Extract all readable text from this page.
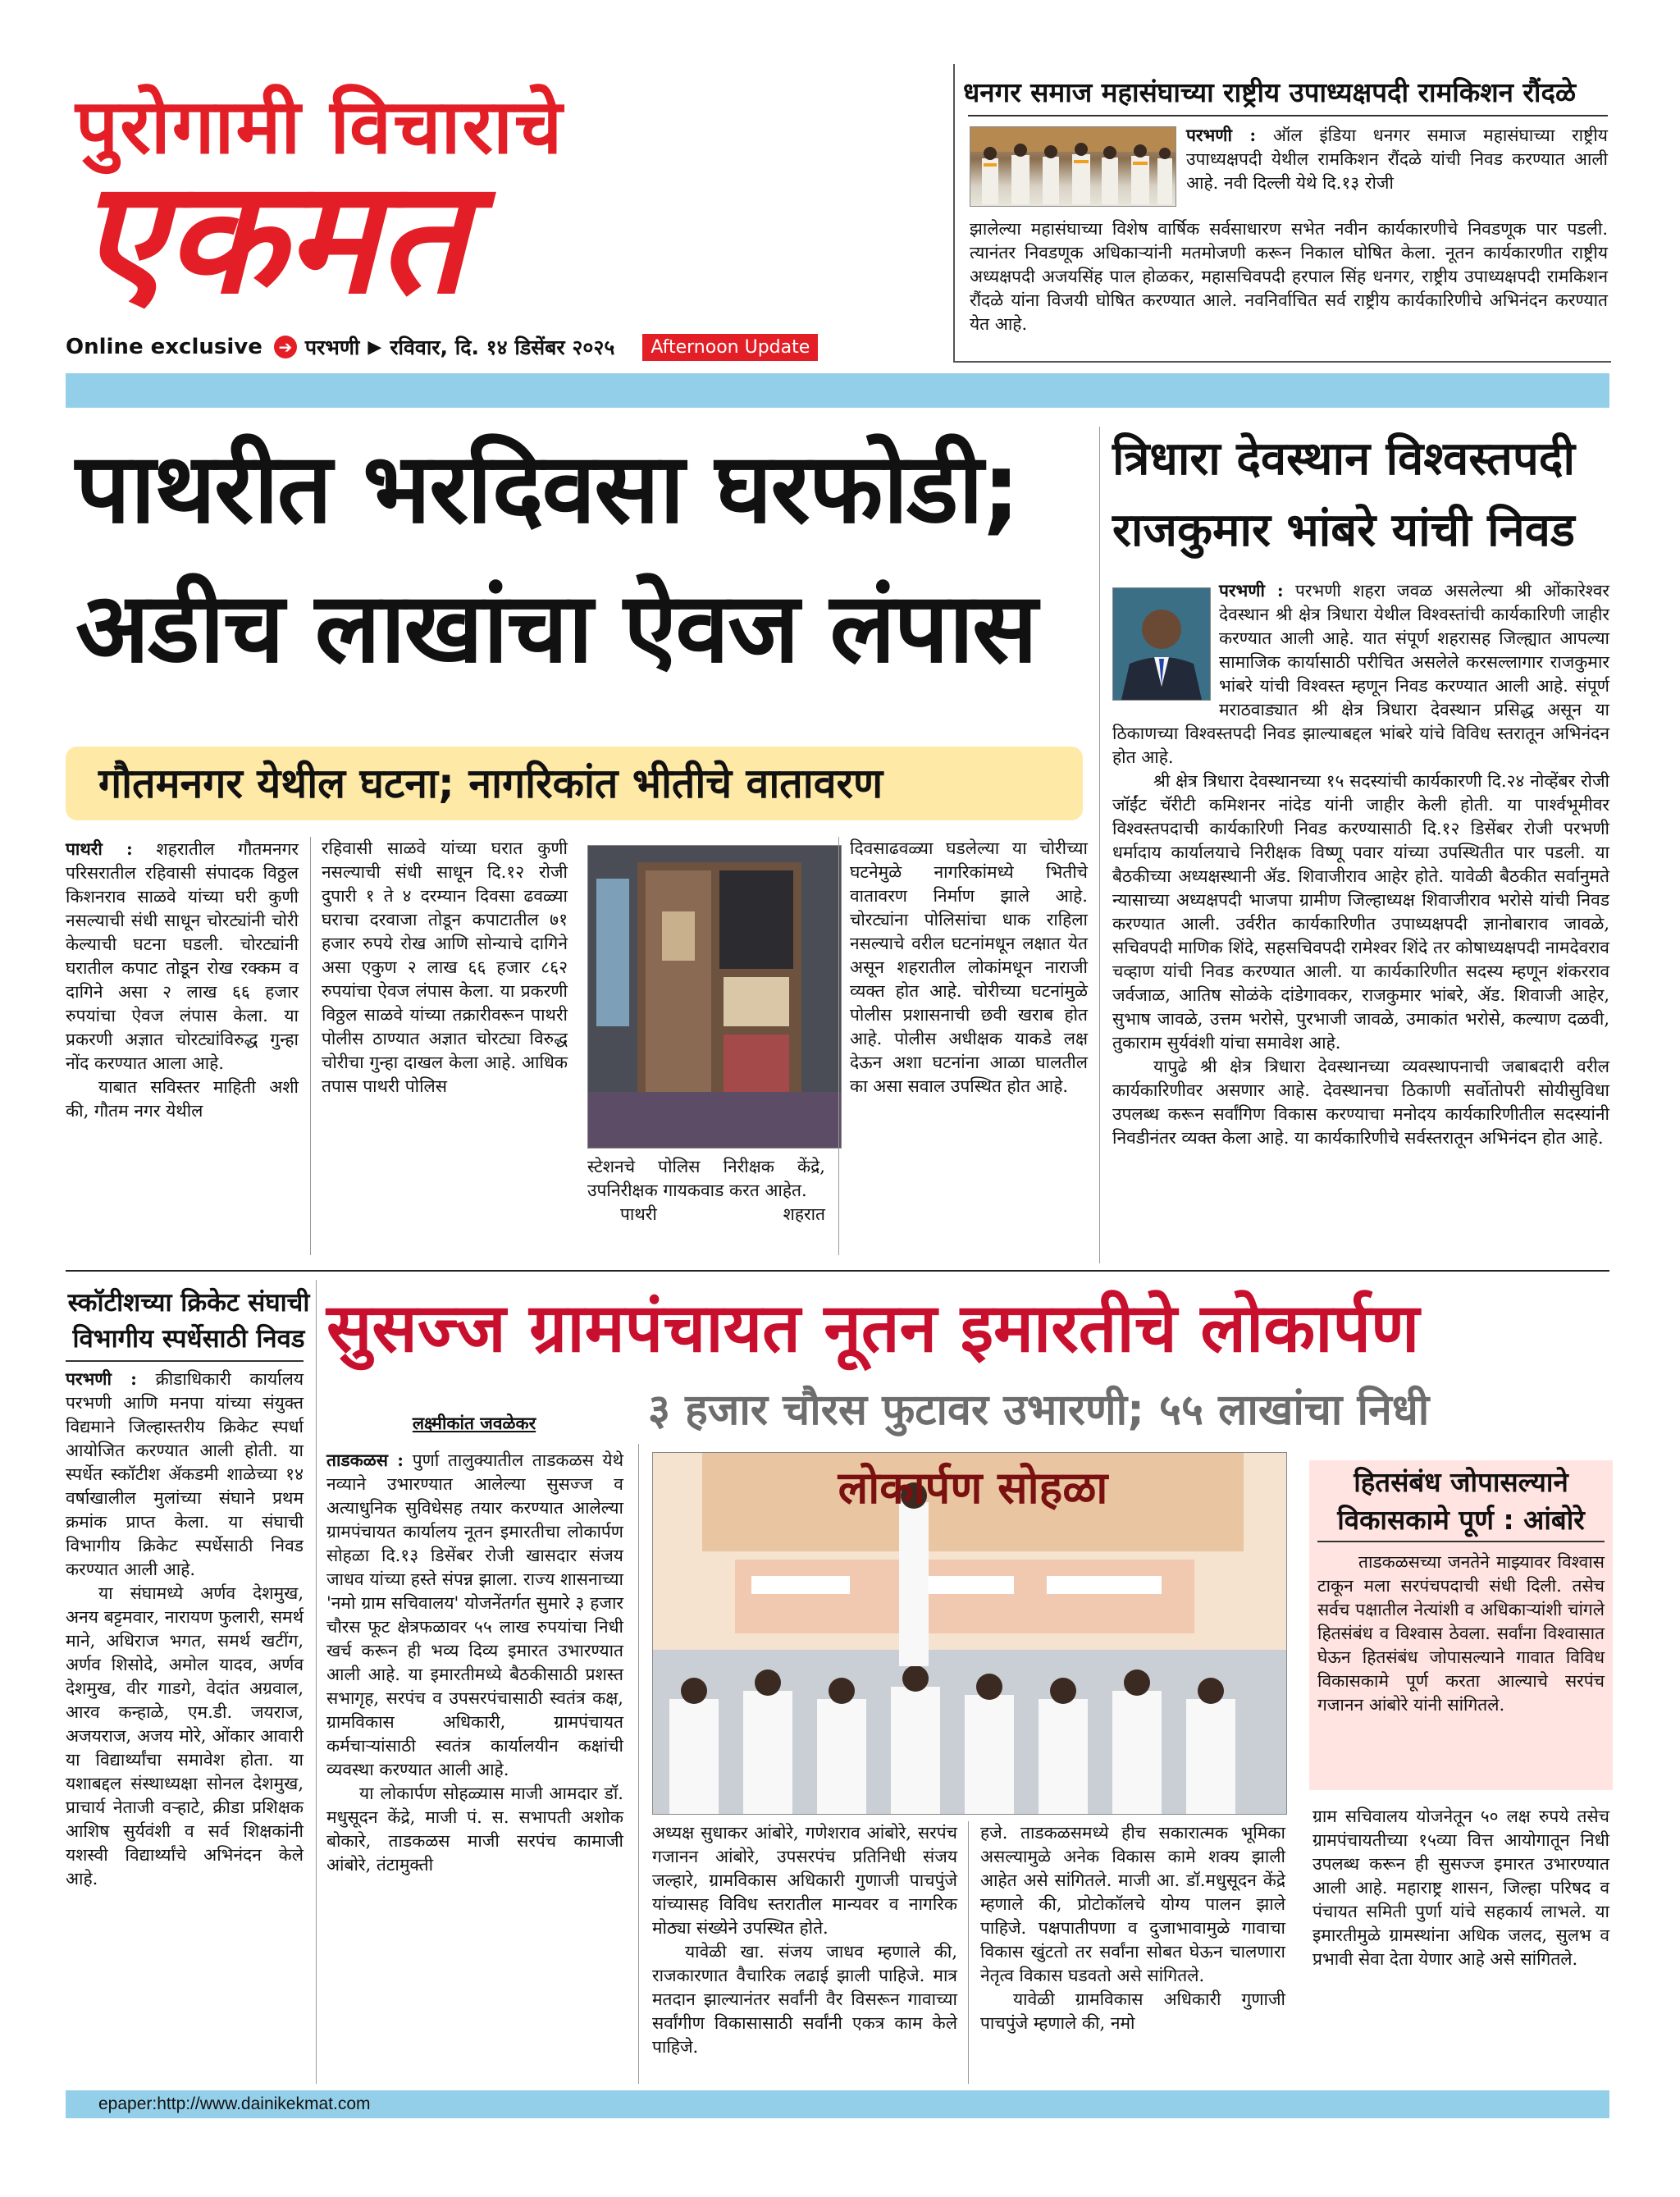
पुरोगामी विचाराचे
एकमत
Online exclusive ➔ परभणी ▶ रविवार, दि. १४ डिसेंबर २०२५	Afternoon Update
धनगर समाज महासंघाच्या राष्ट्रीय उपाध्यक्षपदी रामकिशन रौंदळे
परभणी : ऑल इंडिया धनगर समाज महासंघाच्या राष्ट्रीय उपाध्यक्षपदी येथील रामकिशन रौंदळे यांची निवड करण्यात आली आहे. नवी दिल्ली येथे दि.१३ रोजी
झालेल्या महासंघाच्या विशेष वार्षिक सर्वसाधारण सभेत नवीन कार्यकारणीचे निवडणूक पार पडली. त्यानंतर निवडणूक अधिकाऱ्यांनी मतमोजणी करून निकाल घोषित केला. नूतन कार्यकारणीत राष्ट्रीय अध्यक्षपदी अजयसिंह पाल होळकर, महासचिवपदी हरपाल सिंह धनगर, राष्ट्रीय उपाध्यक्षपदी रामकिशन रौंदळे यांना विजयी घोषित करण्यात आले. नवनिर्वाचित सर्व राष्ट्रीय कार्यकारिणीचे अभिनंदन करण्यात येत आहे.
पाथरीत भरदिवसा घरफोडी;
अडीच लाखांचा ऐवज लंपास
गौतमनगर येथील घटना; नागरिकांत भीतीचे वातावरण
पाथरी : शहरातील गौतमनगर परिसरातील रहिवासी संपादक विठ्ठल किशनराव साळवे यांच्या घरी कुणी नसल्याची संधी साधून चोरट्यांनी चोरी केल्याची घटना घडली. चोरट्यांनी घरातील कपाट तोडून रोख रक्कम व दागिने असा २ लाख ६६ हजार रुपयांचा ऐवज लंपास केला. या प्रकरणी अज्ञात चोरट्यांविरुद्ध गुन्हा नोंद करण्यात आला आहे.

याबात सविस्तर माहिती अशी की, गौतम नगर येथील

रहिवासी साळवे यांच्या घरात कुणी नसल्याची संधी साधून दि.१२ रोजी दुपारी १ ते ४ दरम्यान दिवसा ढवळ्या घराचा दरवाजा तोडून कपाटातील ७१ हजार रुपये रोख आणि सोन्याचे दागिने असा एकुण २ लाख ६६ हजार ८६२ रुपयांचा ऐवज लंपास केला. या प्रकरणी विठ्ठल साळवे यांच्या तक्रारीवरून पाथरी पोलीस ठाण्यात अज्ञात चोरट्या विरुद्ध चोरीचा गुन्हा दाखल केला आहे. आधिक तपास पाथरी पोलिस

स्टेशनचे पोलिस निरीक्षक केंद्रे, उपनिरीक्षक गायकवाड करत आहेत.

पाथरी	शहरात

दिवसाढवळ्या घडलेल्या या चोरीच्या घटनेमुळे नागरिकांमध्ये भितीचे वातावरण निर्माण झाले आहे. चोरट्यांना पोलिसांचा धाक राहिला नसल्याचे वरील घटनांमधून लक्षात येत असून शहरातील लोकांमधून नाराजी व्यक्त होत आहे. चोरीच्या घटनांमुळे पोलीस प्रशासनाची छवी खराब होत आहे. पोलीस अधीक्षक याकडे लक्ष देऊन अशा घटनांना आळा घालतील का असा सवाल उपस्थित होत आहे.
त्रिधारा देवस्थान विश्वस्तपदी
राजकुमार भांबरे यांची निवड
परभणी : परभणी शहरा जवळ असलेल्या श्री ओंकारेश्वर देवस्थान श्री क्षेत्र त्रिधारा येथील विश्वस्तांची कार्यकारिणी जाहीर करण्यात आली आहे. यात संपूर्ण शहरासह जिल्ह्यात आपल्या सामाजिक कार्यासाठी परीचित असलेले करसल्लागार राजकुमार भांबरे यांची विश्वस्त म्हणून निवड करण्यात आली आहे. संपूर्ण मराठवाड्यात श्री क्षेत्र त्रिधारा देवस्थान प्रसिद्ध असून या ठिकाणच्या विश्वस्तपदी निवड झाल्याबद्दल भांबरे यांचे विविध स्तरातून अभिनंदन होत आहे.

श्री क्षेत्र त्रिधारा देवस्थानच्या १५ सदस्यांची कार्यकारणी दि.२४ नोव्हेंबर रोजी जॉईंट चॅरीटी कमिशनर नांदेड यांनी जाहीर केली होती. या पार्श्वभूमीवर विश्वस्तपदाची कार्यकारिणी निवड करण्यासाठी दि.१२ डिसेंबर रोजी परभणी धर्मादाय कार्यालयाचे निरीक्षक विष्णू पवार यांच्या उपस्थितीत पार पडली. या बैठकीच्या अध्यक्षस्थानी ॲड. शिवाजीराव आहेर होते. यावेळी बैठकीत सर्वानुमते न्यासाच्या अध्यक्षपदी भाजपा ग्रामीण जिल्हाध्यक्ष शिवाजीराव भरोसे यांची निवड करण्यात आली. उर्वरीत कार्यकारिणीत उपाध्यक्षपदी ज्ञानोबाराव जावळे, सचिवपदी माणिक शिंदे, सहसचिवपदी रामेश्वर शिंदे तर कोषाध्यक्षपदी नामदेवराव चव्हाण यांची निवड करण्यात आली. या कार्यकारिणीत सदस्य म्हणून शंकरराव जर्वजाळ, आतिष सोळंके दांडेगावकर, राजकुमार भांबरे, ॲड. शिवाजी आहेर, सुभाष जावळे, उत्तम भरोसे, पुरभाजी जावळे, उमाकांत भरोसे, कल्याण दळवी, तुकाराम सुर्यवंशी यांचा समावेश आहे.

यापुढे श्री क्षेत्र त्रिधारा देवस्थानच्या व्यवस्थापनाची जबाबदारी वरील कार्यकारिणीवर असणार आहे. देवस्थानचा ठिकाणी सर्वोतोपरी सोयीसुविधा उपलब्ध करून सर्वांगिण विकास करण्याचा मनोदय कार्यकारिणीतील सदस्यांनी निवडीनंतर व्यक्त केला आहे. या कार्यकारिणीचे सर्वस्तरातून अभिनंदन होत आहे.

स्कॉटीशच्या क्रिकेट संघाची
विभागीय स्पर्धेसाठी निवड
परभणी : क्रीडाधिकारी कार्यालय परभणी आणि मनपा यांच्या संयुक्त विद्यमाने जिल्हास्तरीय क्रिकेट स्पर्धा आयोजित करण्यात आली होती. या स्पर्धेत स्कॉटीश ॲकडमी शाळेच्या १४ वर्षाखालील मुलांच्या संघाने प्रथम क्रमांक प्राप्त केला. या संघाची विभागीय क्रिकेट स्पर्धेसाठी निवड करण्यात आली आहे.

या संघामध्ये अर्णव देशमुख, अनय बट्टमवार, नारायण फुलारी, समर्थ माने, अधिराज भगत, समर्थ खटींग, अर्णव शिसोदे, अमोल यादव, अर्णव देशमुख, वीर गाडगे, वेदांत अग्रवाल, आरव कन्हाळे, एम.डी. जयराज, अजयराज, अजय मोरे, ओंकार आवारी या विद्यार्थ्यांचा समावेश होता. या यशाबद्दल संस्थाध्यक्षा सोनल देशमुख, प्राचार्य नेताजी वऱ्हाटे, क्रीडा प्रशिक्षक आशिष सुर्यवंशी व सर्व शिक्षकांनी यशस्वी विद्यार्थ्यांचे अभिनंदन केले आहे.

सुसज्ज ग्रामपंचायत नूतन इमारतीचे लोकार्पण
३ हजार चौरस फुटावर उभारणी; ५५ लाखांचा निधी
लक्ष्मीकांत जवळेकर
ताडकळस : पुर्णा तालुक्यातील ताडकळस येथे नव्याने उभारण्यात आलेल्या सुसज्ज व अत्याधुनिक सुविधेसह तयार करण्यात आलेल्या ग्रामपंचायत कार्यालय नूतन इमारतीचा लोकार्पण सोहळा दि.१३ डिसेंबर रोजी खासदार संजय जाधव यांच्या हस्ते संपन्न झाला. राज्य शासनाच्या 'नमो ग्राम सचिवालय' योजनेंतर्गत सुमारे ३ हजार चौरस फूट क्षेत्रफळावर ५५ लाख रुपयांचा निधी खर्च करून ही भव्य दिव्य इमारत उभारण्यात आली आहे. या इमारतीमध्ये बैठकीसाठी प्रशस्त सभागृह, सरपंच व उपसरपंचासाठी स्वतंत्र कक्ष, ग्रामविकास अधिकारी, ग्रामपंचायत कर्मचाऱ्यांसाठी स्वतंत्र कार्यालयीन कक्षांची व्यवस्था करण्यात आली आहे.

या लोकार्पण सोहळ्यास माजी आमदार डॉ. मधुसूदन केंद्रे, माजी पं. स. सभापती अशोक बोकारे, ताडकळस माजी सरपंच कामाजी आंबोरे, तंटामुक्ती

लोकार्पण सोहळा

अध्यक्ष सुधाकर आंबोरे, गणेशराव आंबोरे, सरपंच गजानन आंबोरे, उपसरपंच प्रतिनिधी संजय जल्हारे, ग्रामविकास अधिकारी गुणाजी पाचपुंजे यांच्यासह विविध स्तरातील मान्यवर व नागरिक मोठ्या संख्येने उपस्थित होते.

यावेळी खा. संजय जाधव म्हणाले की, राजकारणात वैचारिक लढाई झाली पाहिजे. मात्र मतदान झाल्यानंतर सर्वांनी वैर विसरून गावाच्या सर्वांगीण विकासासाठी सर्वांनी एकत्र काम केले पाहिजे.

हजे. ताडकळसमध्ये हीच सकारात्मक भूमिका असल्यामुळे अनेक विकास कामे शक्य झाली आहेत असे सांगितले. माजी आ. डॉ.मधुसूदन केंद्रे म्हणाले की, प्रोटोकॉलचे योग्य पालन झाले पाहिजे. पक्षपातीपणा व दुजाभावामुळे गावाचा विकास खुंटतो तर सर्वांना सोबत घेऊन चालणारा नेतृत्व विकास घडवतो असे सांगितले.

यावेळी ग्रामविकास अधिकारी गुणाजी पाचपुंजे म्हणाले की, नमो

हितसंबंध जोपासल्याने
विकासकामे पूर्ण : आंबोरे
ताडकळसच्या जनतेने माझ्यावर विश्वास टाकून मला सरपंचपदाची संधी दिली. तसेच सर्वच पक्षातील नेत्यांशी व अधिकाऱ्यांशी चांगले हितसंबंध व विश्वास ठेवला. सर्वांना विश्वासात घेऊन हितसंबंध जोपासल्याने गावात विविध विकासकामे पूर्ण करता आल्याचे सरपंच गजानन आंबोरे यांनी सांगितले.
ग्राम सचिवालय योजनेतून ५० लक्ष रुपये तसेच ग्रामपंचायतीच्या १५व्या वित्त आयोगातून निधी उपलब्ध करून ही सुसज्ज इमारत उभारण्यात आली आहे. महाराष्ट्र शासन, जिल्हा परिषद व पंचायत समिती पुर्णा यांचे सहकार्य लाभले. या इमारतीमुळे ग्रामस्थांना अधिक जलद, सुलभ व प्रभावी सेवा देता येणार आहे असे सांगितले.
epaper:http://www.dainikekmat.com
